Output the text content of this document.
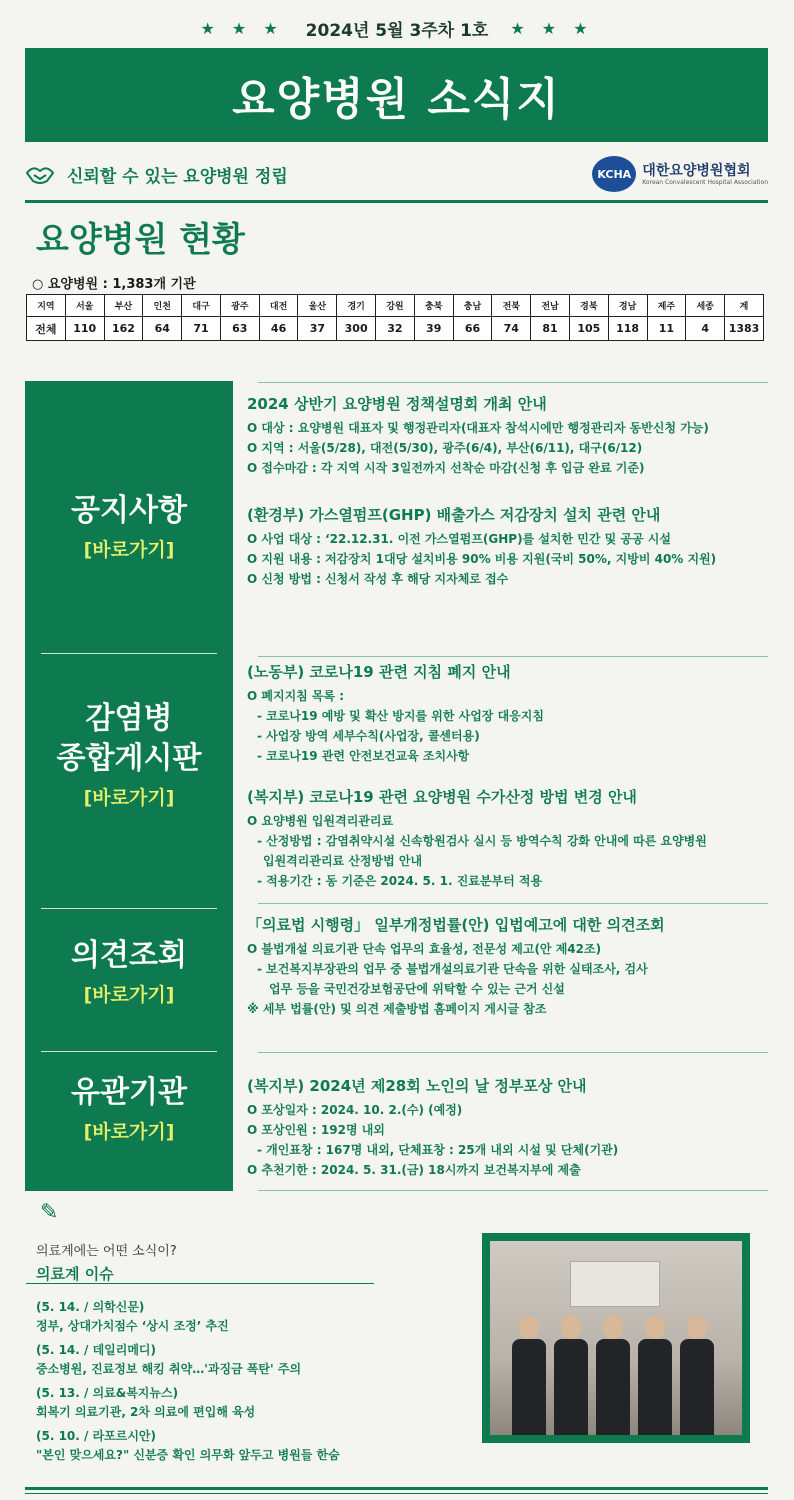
★ ★ ★ 2024년 5월 3주차 1호 ★ ★ ★
요양병원 소식지
신뢰할 수 있는 요양병원 정립	KCHA 대한요양병원협회
Korean Convalescent Hospital Association
요양병원 현황
○ 요양병원 : 1,383개 기관
지역	서울	부산	인천	대구	광주	대전	울산	경기	강원	충북	충남	전북	전남	경북	경남	제주	세종	계
전체	110	162	64	71	63	46	37	300	32	39	66	74	81	105	118	11	4	1383
공지사항
[바로가기]
감염병
종합게시판
[바로가기]
의견조회
[바로가기]
유관기관
[바로가기]
2024 상반기 요양병원 정책설명회 개최 안내
O 대상 : 요양병원 대표자 및 행정관리자(대표자 참석시에만 행정관리자 동반신청 가능)
O 지역 : 서울(5/28), 대전(5/30), 광주(6/4), 부산(6/11), 대구(6/12)
O 접수마감 : 각 지역 시작 3일전까지 선착순 마감(신청 후 입금 완료 기준)
(환경부) 가스열펌프(GHP) 배출가스 저감장치 설치 관련 안내
O 사업 대상 : ‘22.12.31. 이전 가스열펌프(GHP)를 설치한 민간 및 공공 시설
O 지원 내용 : 저감장치 1대당 설치비용 90% 비용 지원(국비 50%, 지방비 40% 지원)
O 신청 방법 : 신청서 작성 후 해당 지자체로 접수
(노동부) 코로나19 관련 지침 폐지 안내
O 폐지지침 목록 :
- 코로나19 예방 및 확산 방지를 위한 사업장 대응지침
- 사업장 방역 세부수칙(사업장, 콜센터용)
- 코로나19 관련 안전보건교육 조치사항
(복지부) 코로나19 관련 요양병원 수가산정 방법 변경 안내
O 요양병원 입원격리관리료
- 산정방법 : 감염취약시설 신속항원검사 실시 등 방역수칙 강화 안내에 따른 요양병원
입원격리관리료 산정방법 안내
- 적용기간 : 동 기준은 2024. 5. 1. 진료분부터 적용
「의료법 시행령」 일부개정법률(안) 입법예고에 대한 의견조회
O 불법개설 의료기관 단속 업무의 효율성, 전문성 제고(안 제42조)
- 보건복지부장관의 업무 중 불법개설의료기관 단속을 위한 실태조사, 검사
업무 등을 국민건강보험공단에 위탁할 수 있는 근거 신설
※ 세부 법률(안) 및 의견 제출방법 홈페이지 게시글 참조
(복지부) 2024년 제28회 노인의 날 정부포상 안내
O 포상일자 : 2024. 10. 2.(수) (예정)
O 포상인원 : 192명 내외
- 개인표창 : 167명 내외, 단체표창 : 25개 내외 시설 및 단체(기관)
O 추천기한 : 2024. 5. 31.(금) 18시까지 보건복지부에 제출
✎
의료계에는 어떤 소식이?
의료계 이슈
(5. 14. / 의학신문)
정부, 상대가치점수 ‘상시 조정’ 추진
(5. 14. / 데일리메디)
중소병원, 진료정보 해킹 취약…'과징금 폭탄' 주의
(5. 13. / 의료&복지뉴스)
회복기 의료기관, 2차 의료에 편입해 육성
(5. 10. / 라포르시안)
"본인 맞으세요?" 신분증 확인 의무화 앞두고 병원들 한숨
